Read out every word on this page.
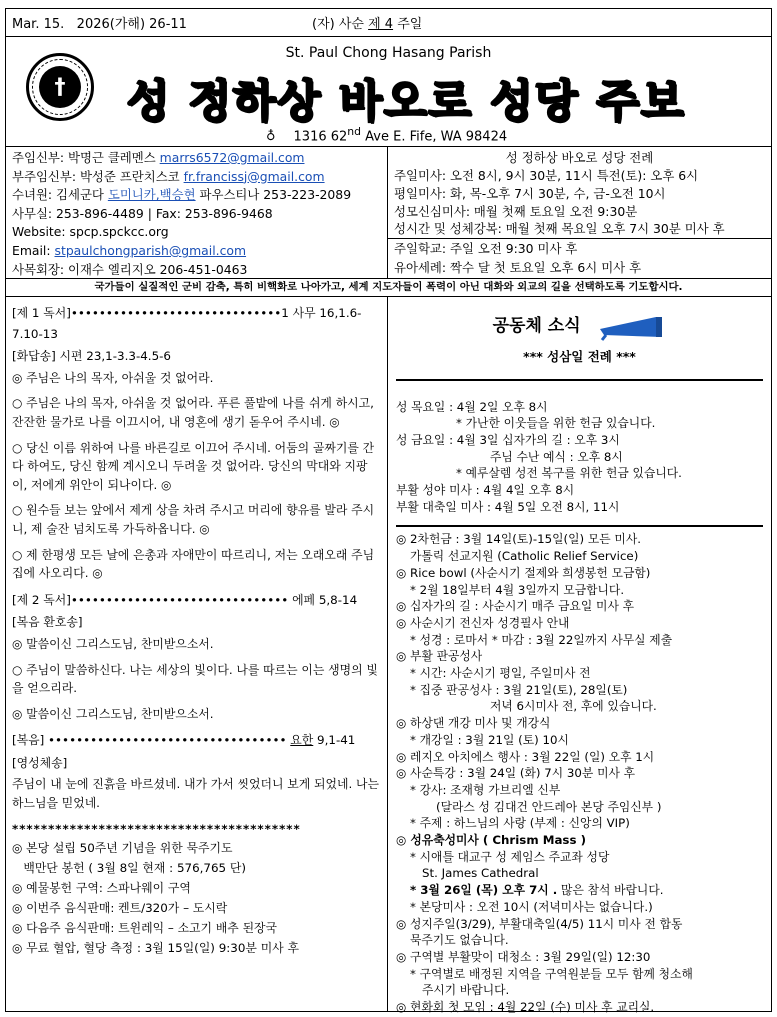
Mar. 15.   2026(가해) 26-11	(자) 사순 제 4 주일
†
St. Paul Chong Hasang Parish
성 정하상 바오로 성당 주보
♁ 1316 62nd Ave E. Fife, WA 98424
주임신부: 박명근 클레멘스 marrs6572@gmail.com
부주임신부: 박성준 프란치스코 fr.francissj@gmail.com
수녀원: 김세군다 도미니카,백승현 파우스티나 253-223-2089
사무실: 253-896-4489 | Fax: 253-896-9468
Website: spcp.spckcc.org
Email: stpaulchongparish@gmail.com
사목회장: 이재수 엘리지오 206-451-0463
성 정하상 바오로 성당 전례
주일미사: 오전 8시, 9시 30분, 11시 특전(토): 오후 6시
평일미사: 화, 목-오후 7시 30분, 수, 금-오전 10시
성모신심미사: 매월 첫째 토요일 오전 9:30분
성시간 및 성체강복: 매월 첫째 목요일 오후 7시 30분 미사 후
주일학교: 주일 오전 9:30 미사 후
유아세례: 짝수 달 첫 토요일 오후 6시 미사 후
국가들이 실질적인 군비 감축, 특히 비핵화로 나아가고, 세계 지도자들이 폭력이 아닌 대화와 외교의 길을 선택하도록 기도합시다.
[제 1 독서]••••••••••••••••••••••••••••••1 사무 16,1.6-7.10-13
[화답송] 시편 23,1-3.3-4.5-6
◎ 주님은 나의 목자, 아쉬울 것 없어라.
○ 주님은 나의 목자, 아쉬울 것 없어라. 푸른 풀밭에 나를 쉬게 하시고, 잔잔한 물가로 나를 이끄시어, 내 영혼에 생기 돋우어 주시네. ◎
○ 당신 이름 위하여 나를 바른길로 이끄어 주시네. 어둠의 골짜기를 간다 하여도, 당신 함께 계시오니 두려울 것 없어라. 당신의 막대와 지팡이, 저에게 위안이 되나이다. ◎
○ 원수들 보는 앞에서 제게 상을 차려 주시고 머리에 향유를 발라 주시니, 제 술잔 넘치도록 가득하옵니다. ◎
○ 제 한평생 모든 날에 은총과 자애만이 따르리니, 저는 오래오래 주님 집에 사오리다. ◎
[제 2 독서]••••••••••••••••••••••••••••••• 에페 5,8-14
[복음 환호송]
◎ 말씀이신 그리스도님, 찬미받으소서.
○ 주님이 말씀하신다. 나는 세상의 빛이다. 나를 따르는 이는 생명의 빛을 얻으리라.
◎ 말씀이신 그리스도님, 찬미받으소서.
[복음] •••••••••••••••••••••••••••••••••• 요한 9,1-41
[영성체송]
주님이 내 눈에 진흙을 바르셨네. 내가 가서 씻었더니 보게 되었네. 나는 하느님을 믿었네.
****************************************
◎ 본당 설립 50주년 기념을 위한 묵주기도
백만단 봉헌 ( 3월 8일 현재 : 576,765 단)
◎ 예물봉헌 구역: 스파나웨이 구역
◎ 이번주 음식판매: 켄트/320가 – 도시락
◎ 다음주 음식판매: 트윈레익 – 소고기 배추 된장국
◎ 무료 혈압, 혈당 측정 : 3월 15일(일) 9:30분 미사 후
공동체 소식
*** 성삼일 전례 ***
성 목요일 : 4월 2일 오후 8시
* 가난한 이웃들을 위한 헌금 있습니다.
성 금요일 : 4월 3일 십자가의 길 : 오후 3시
주님 수난 예식 : 오후 8시
* 예루살렘 성전 복구를 위한 헌금 있습니다.
부활 성야 미사 : 4월 4일 오후 8시
부활 대축일 미사 : 4월 5일 오전 8시, 11시
◎ 2차헌금 : 3월 14일(토)-15일(일) 모든 미사.
가톨릭 선교지원 (Catholic Relief Service)
◎ Rice bowl (사순시기 절제와 희생봉헌 모금함)
* 2월 18일부터 4월 3일까지 모금합니다.
◎ 십자가의 길 : 사순시기 매주 금요일 미사 후
◎ 사순시기 전신자 성경필사 안내
* 성경 : 로마서 * 마감 : 3월 22일까지 사무실 제출
◎ 부활 판공성사
* 시간: 사순시기 평일, 주일미사 전
* 집중 판공성사 : 3월 21일(토), 28일(토)
저녁 6시미사 전, 후에 있습니다.
◎ 하상댄 개강 미사 및 개강식
* 개강일 : 3월 21일 (토) 10시
◎ 레지오 아치에스 행사 : 3월 22일 (일) 오후 1시
◎ 사순특강 : 3월 24일 (화) 7시 30분 미사 후
* 강사: 조재형 가브리엘 신부
(달라스 성 김대건 안드레아 본당 주임신부 )
* 주제 : 하느님의 사랑 (부제 : 신앙의 VIP)
◎ 성유축성미사 ( Chrism Mass )
* 시애틀 대교구 성 제임스 주교좌 성당
St. James Cathedral
* 3월 26일 (목) 오후 7시 . 많은 참석 바랍니다.
* 본당미사 : 오전 10시 (저녁미사는 없습니다.)
◎ 성지주일(3/29), 부활대축일(4/5) 11시 미사 전 합동
묵주기도 없습니다.
◎ 구역별 부활맞이 대청소 : 3월 29일(일) 12:30
* 구역별로 배정된 지역을 구역원분들 모두 함께 청소해
주시기 바랍니다.
◎ 현화회 첫 모임 : 4월 22일 (수) 미사 후 교리실.
